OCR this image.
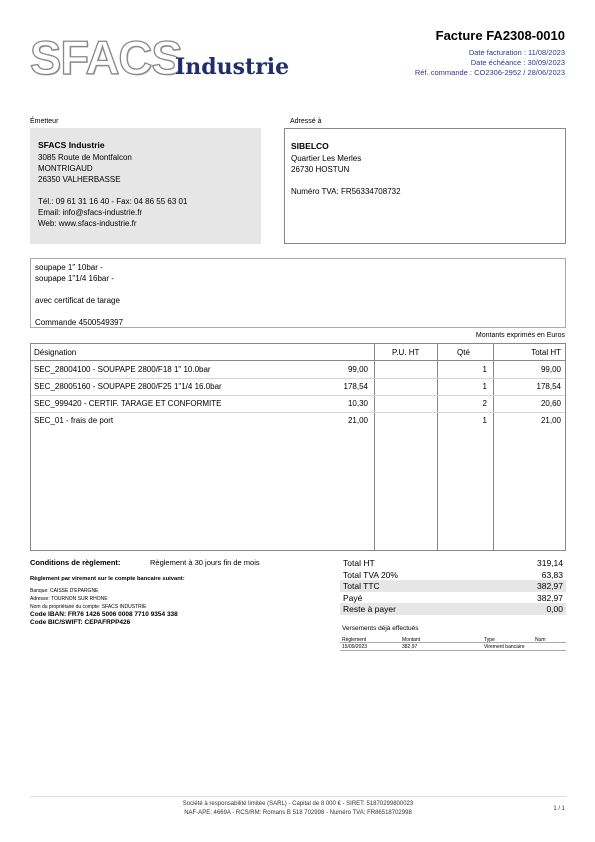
SFACS
Industrie
Facture FA2308-0010
Date facturation : 11/08/2023
Date échéance : 30/09/2023
Réf. commande : CO2306-2952 / 28/06/2023
Émetteur
SFACS Industrie
3085 Route de Montfalcon
MONTRIGAUD
26350 VALHERBASSE
Tél.: 09 61 31 16 40 - Fax: 04 86 55 63 01
Email: info@sfacs-industrie.fr
Web: www.sfacs-industrie.fr
Adressé à
SIBELCO
Quartier Les Merles
26730 HOSTUN
Numéro TVA: FR56334708732
soupape 1" 10bar -
soupape 1"1/4 16bar -
avec certificat de tarage
Commande 4500549397
Montants exprimés en Euros
Désignation	P.U. HT	Qté	Total HT
SEC_28004100 - SOUPAPE 2800/F18 1" 10.0bar	99,00	1	99,00
SEC_28005160 - SOUPAPE 2800/F25 1"1/4 16.0bar	178,54	1	178,54
SEC_999420 - CERTIF. TARAGE ET CONFORMITE	10,30	2	20,60
SEC_01 - frais de port	21,00	1	21,00
Conditions de règlement:	Règlement à 30 jours fin de mois
Règlement par virement sur le compte bancaire suivant:
Banque: CAISSE D'EPARGNE
Adresse: TOURNON SUR RHONE
Nom du propriétaire du compte: SFACS INDUSTRIE
Code IBAN: FR76 1426 5006 0008 7710 9354 338
Code BIC/SWIFT: CEPAFRPP426
Total HT	319,14
Total TVA 20%	63,83
Total TTC	382,97
Payé	382,97
Reste à payer	0,00
Versements déjà effectués
Règlement	Montant	Type	Num
15/09/2023	382,97	Virement bancaire
Société à responsabilité limitée (SARL) - Capital de 8 000 € - SIRET: 51870299800023
NAF-APE: 4669A - RCS/RM: Romans B 518 702998 - Numéro TVA: FR86518702998
1 / 1
